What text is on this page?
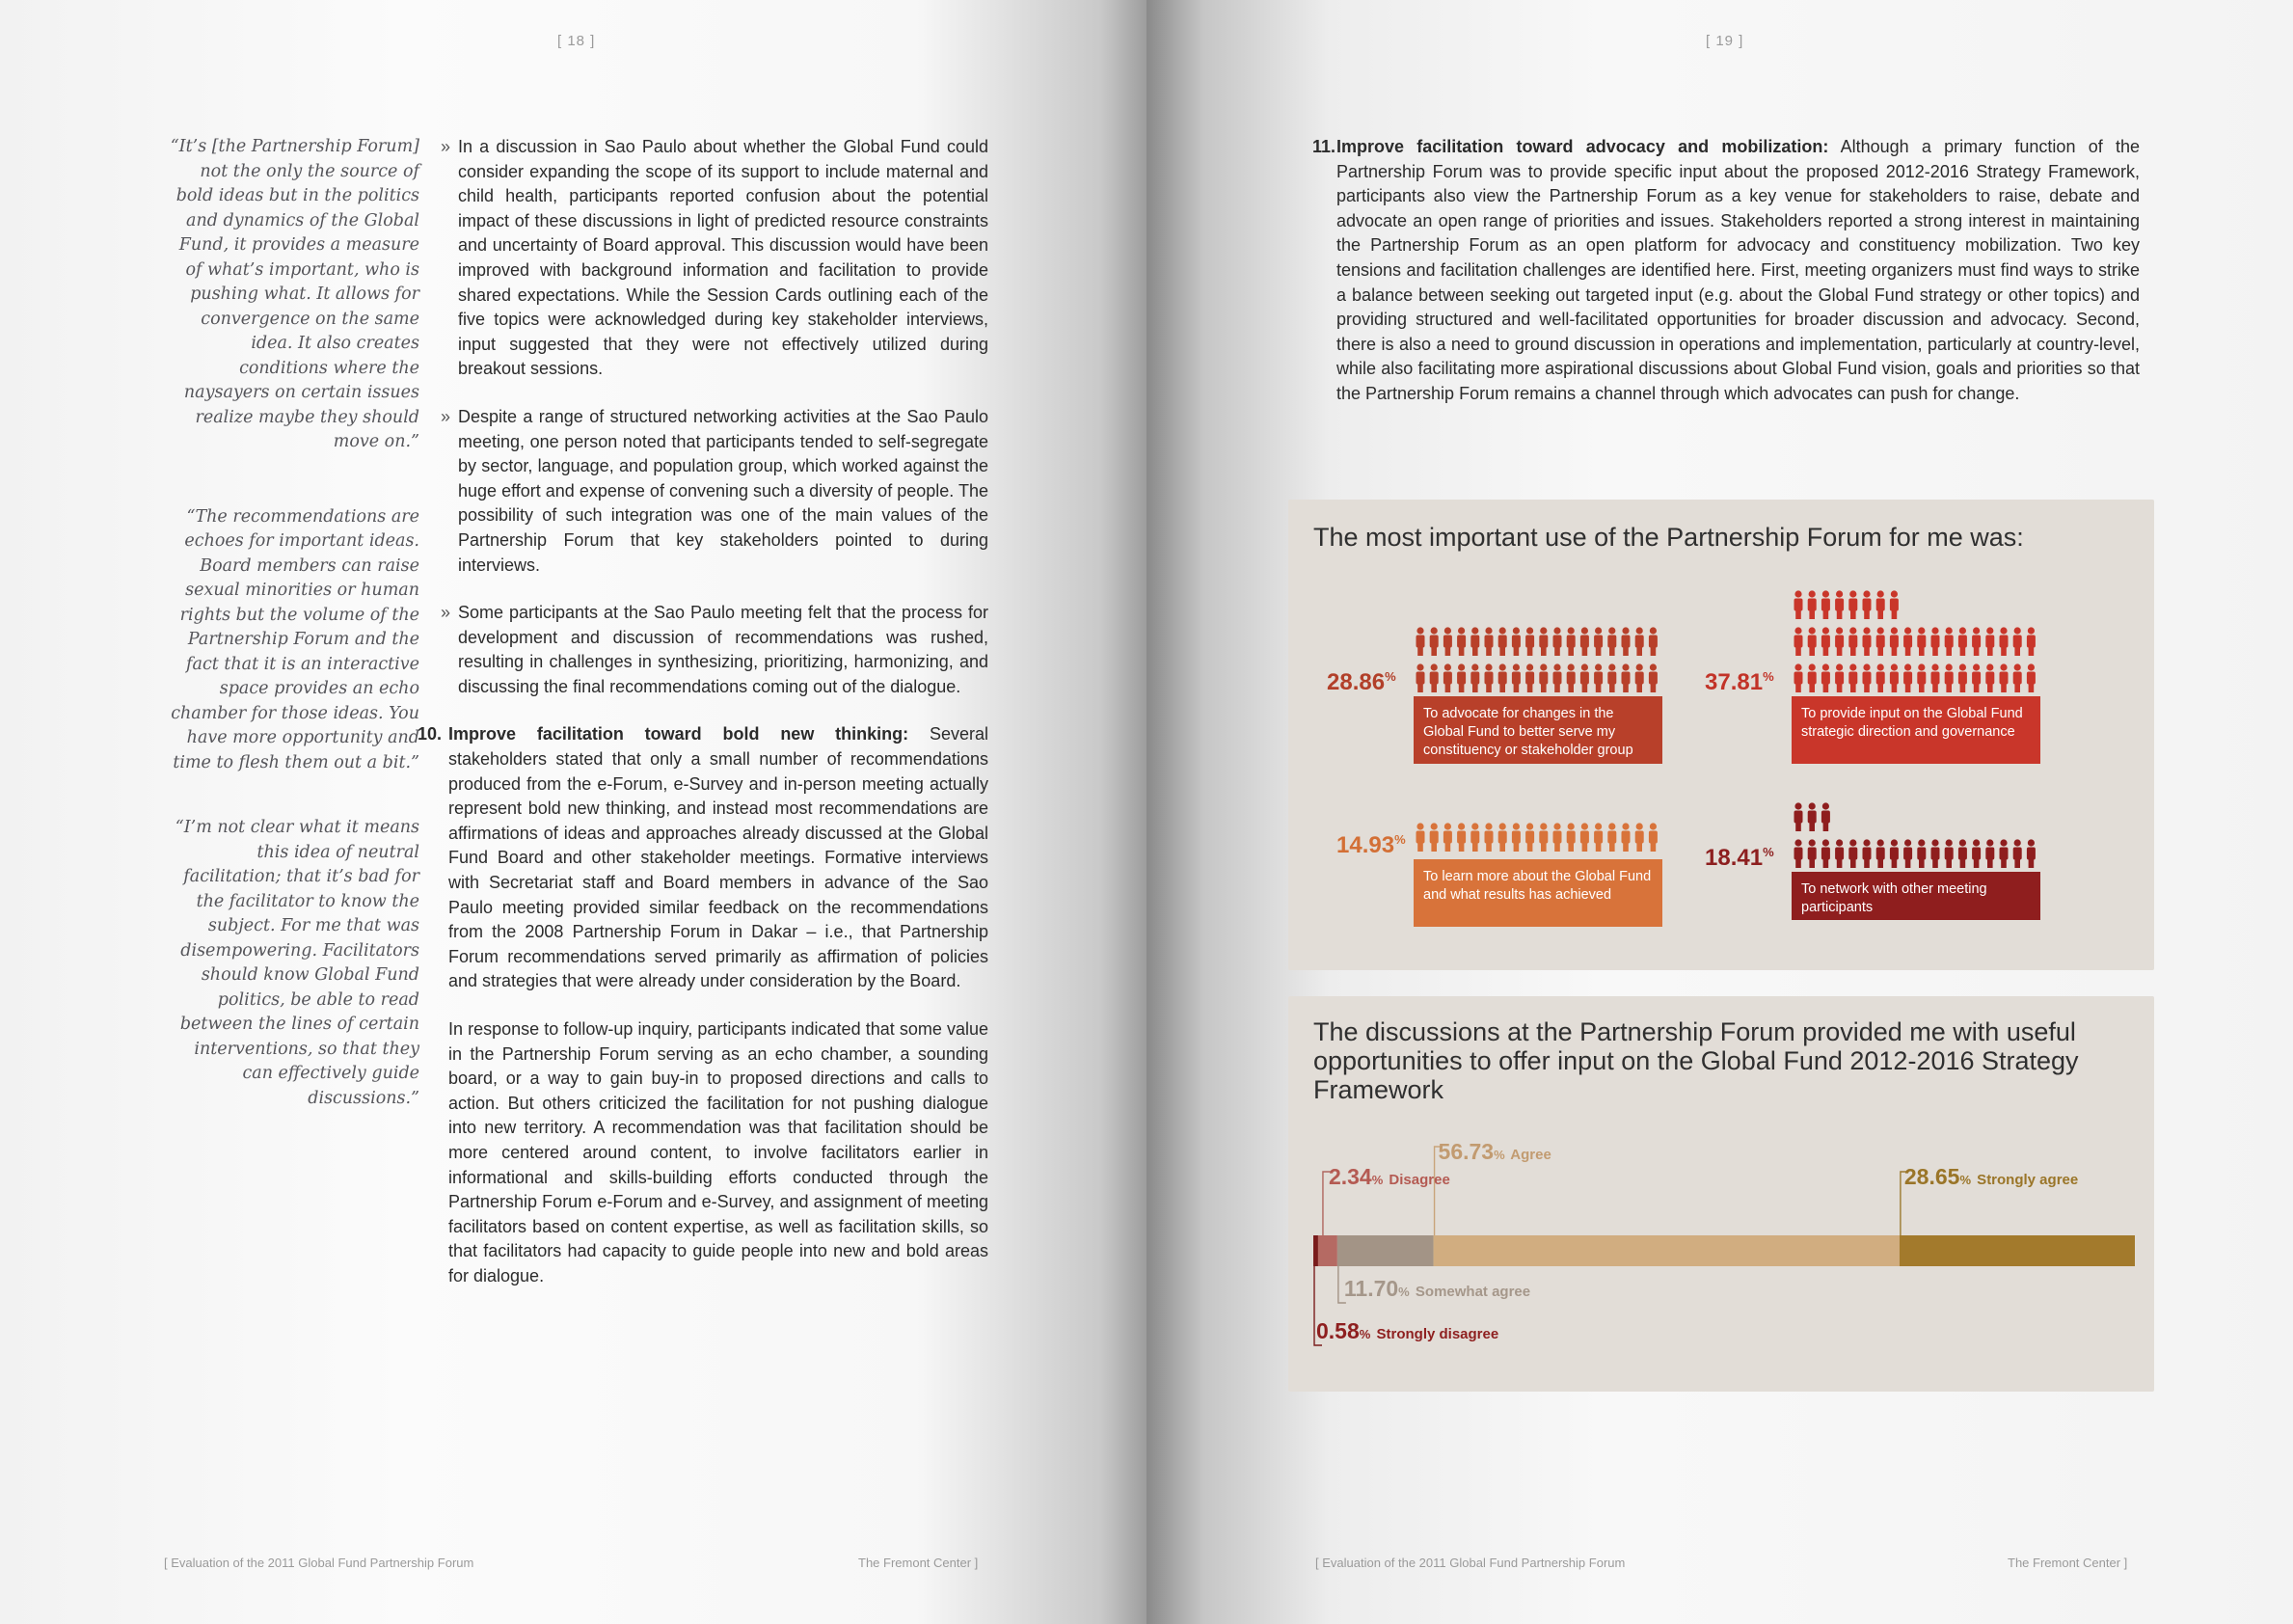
[ 18 ]

“It’s [the Partnership Forum] not the only the source of bold ideas but in the politics and dynamics of the Global Fund, it provides a measure of what’s important, who is pushing what. It allows for convergence on the same idea. It also creates conditions where the naysayers on certain issues realize maybe they should move on.”

“The recommendations are echoes for important ideas. Board members can raise sexual minorities or human rights but the volume of the Partnership Forum and the fact that it is an interactive space provides an echo chamber for those ideas. You have more opportunity and time to flesh them out a bit.”

“I’m not clear what it means this idea of neutral facilitation; that it’s bad for the facilitator to know the subject. For me that was disempowering. Facilitators should know Global Fund politics, be able to read between the lines of certain interventions, so that they can effectively guide discussions.”

» In a discussion in Sao Paulo about whether the Global Fund could consider expanding the scope of its support to include maternal and child health, participants reported confusion about the potential impact of these discussions in light of predicted resource constraints and uncertainty of Board approval. This discussion would have been improved with background information and facilitation to provide shared expectations. While the Session Cards outlining each of the five topics were acknowledged during key stakeholder interviews, input suggested that they were not effectively utilized during breakout sessions.
» Despite a range of structured networking activities at the Sao Paulo meeting, one person noted that participants tended to self-segregate by sector, language, and population group, which worked against the huge effort and expense of convening such a diversity of people. The possibility of such integration was one of the main values of the Partnership Forum that key stakeholders pointed to during interviews.
» Some participants at the Sao Paulo meeting felt that the process for development and discussion of recommendations was rushed, resulting in challenges in synthesizing, prioritizing, harmonizing, and discussing the final recommendations coming out of the dialogue.
10. Improve facilitation toward bold new thinking: Several stakeholders stated that only a small number of recommendations produced from the e-Forum, e-Survey and in-person meeting actually represent bold new thinking, and instead most recommendations are affirmations of ideas and approaches already discussed at the Global Fund Board and other stakeholder meetings. Formative interviews with Secretariat staff and Board members in advance of the Sao Paulo meeting provided similar feedback on the recommendations from the 2008 Partnership Forum in Dakar – i.e., that Partnership Forum recommendations served primarily as affirmation of policies and strategies that were already under consideration by the Board.

In response to follow-up inquiry, participants indicated that some value in the Partnership Forum serving as an echo chamber, a sounding board, or a way to gain buy-in to proposed directions and calls to action. But others criticized the facilitation for not pushing dialogue into new territory. A recommendation was that facilitation should be more centered around content, to involve facilitators earlier in informational and skills-building efforts conducted through the Partnership Forum e-Forum and e-Survey, and assignment of meeting facilitators based on content expertise, as well as facilitation skills, so that facilitators had capacity to guide people into new and bold areas for dialogue.

[ Evaluation of the 2011 Global Fund Partnership Forum	The Fremont Center ]
[ 19 ]
11. Improve facilitation toward advocacy and mobilization: Although a primary function of the Partnership Forum was to provide specific input about the proposed 2012-2016 Strategy Framework, participants also view the Partnership Forum as a key venue for stakeholders to raise, debate and advocate an open range of priorities and issues. Stakeholders reported a strong interest in maintaining the Partnership Forum as an open platform for advocacy and constituency mobilization. Two key tensions and facilitation challenges are identified here. First, meeting organizers must find ways to strike a balance between seeking out targeted input (e.g. about the Global Fund strategy or other topics) and providing structured and well-facilitated opportunities for broader discussion and advocacy. Second, there is also a need to ground discussion in operations and implementation, particularly at country-level, while also facilitating more aspirational discussions about Global Fund vision, goals and priorities so that the Partnership Forum remains a channel through which advocates can push for change.
The most important use of the Partnership Forum for me was:
28.86%
To advocate for changes in the Global Fund to better serve my constituency or stakeholder group
37.81%
To provide input on the Global Fund strategic direction and governance
14.93%
To learn more about the Global Fund and what results has achieved
18.41%
To network with other meeting participants
The discussions at the Partnership Forum provided me with useful opportunities to offer input on the Global Fund 2012-2016 Strategy Framework
0.58% Strongly disagree
2.34% Disagree
11.70% Somewhat agree
56.73% Agree
28.65% Strongly agree
[ Evaluation of the 2011 Global Fund Partnership Forum	The Fremont Center ]
